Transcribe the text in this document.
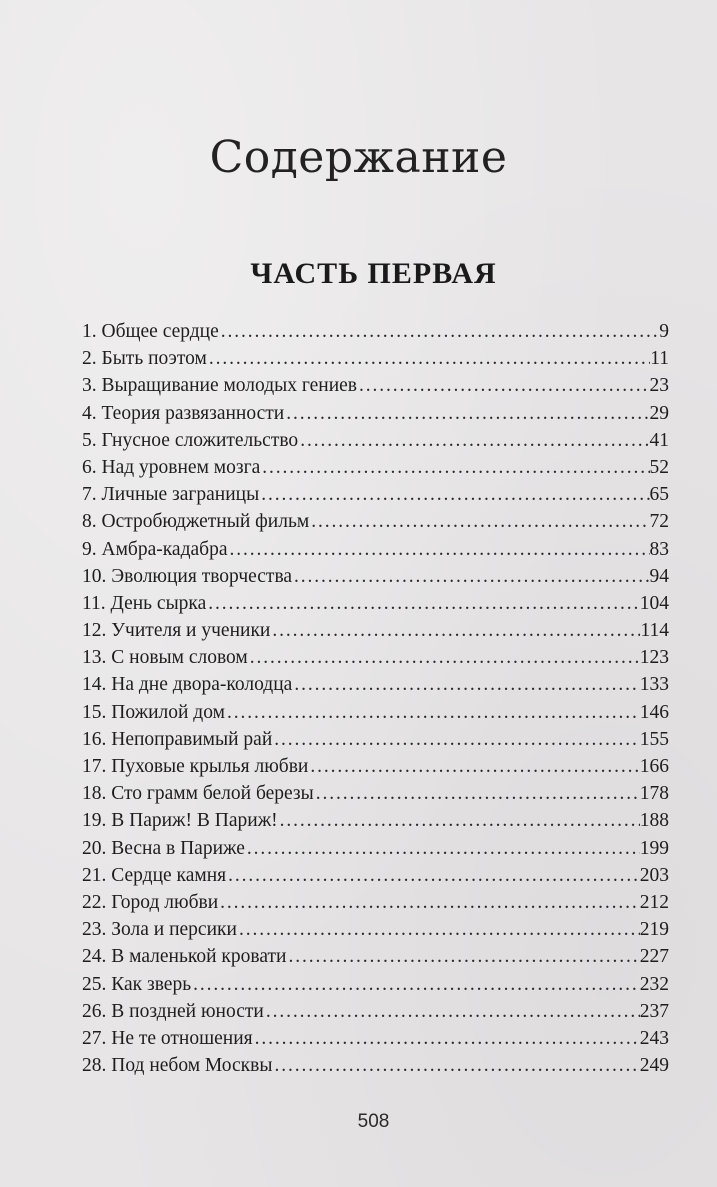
Содержание
ЧАСТЬ ПЕРВАЯ
1. Общее сердце . . .	9
2. Быть поэтом . . .	11
3. Выращивание молодых гениев . . .	23
4. Теория развязанности . . .	29
5. Гнусное сложительство . . .	41
6. Над уровнем мозга . . .	52
7. Личные заграницы . . .	65
8. Остробюджетный фильм . . .	72
9. Амбра-кадабра . . .	83
10. Эволюция творчества . . .	94
11. День сырка . . .	104
12. Учителя и ученики . . .	114
13. С новым словом . . .	123
14. На дне двора-колодца . . .	133
15. Пожилой дом . . .	146
16. Непоправимый рай . . .	155
17. Пуховые крылья любви . . .	166
18. Сто грамм белой березы . . .	178
19. В Париж! В Париж! . . .	188
20. Весна в Париже . . .	199
21. Сердце камня . . .	203
22. Город любви . . .	212
23. Зола и персики . . .	219
24. В маленькой кровати . . .	227
25. Как зверь . . .	232
26. В поздней юности . . .	237
27. Не те отношения . . .	243
28. Под небом Москвы . . .	249
508
